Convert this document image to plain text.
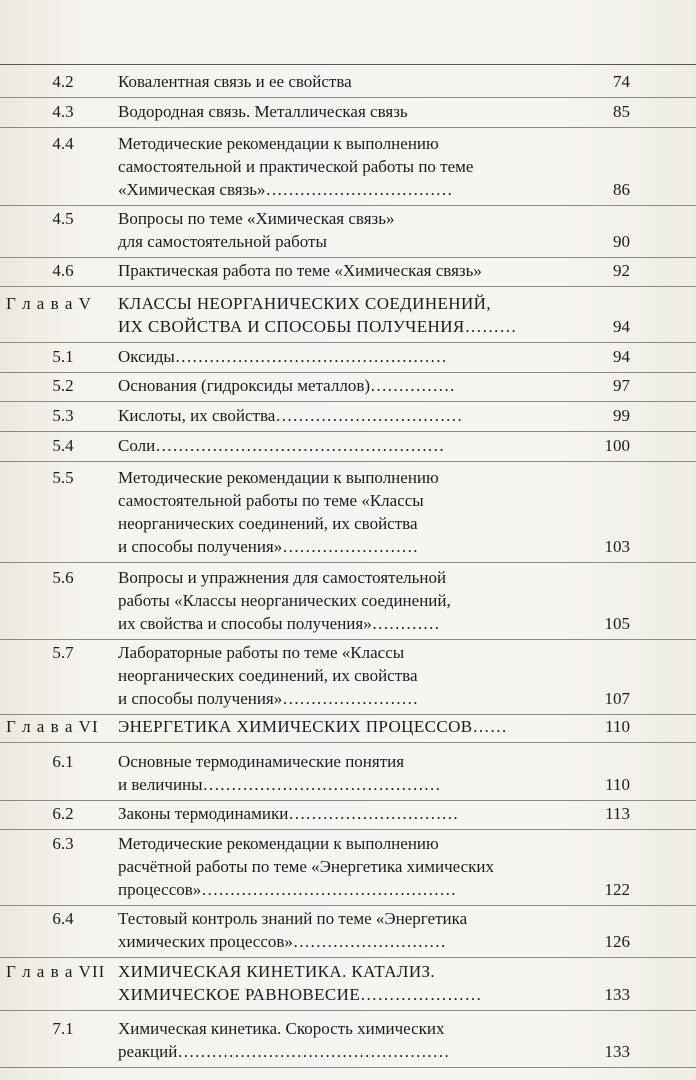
4.2	Ковалентная связь и ее свойства	74
4.3	Водородная связь. Металлическая связь	85
4.4	Методические рекомендации к выполнению
самостоятельной и практической работы по теме
«Химическая связь»……………………………	86
4.5	Вопросы по теме «Химическая связь»
для самостоятельной работы	90
4.6	Практическая работа по теме «Химическая связь»	92
Г л а в а V	КЛАССЫ НЕОРГАНИЧЕСКИХ СОЕДИНЕНИЙ,
ИХ СВОЙСТВА И СПОСОБЫ ПОЛУЧЕНИЯ………	94
5.1	Оксиды…………………………………………	94
5.2	Основания (гидроксиды металлов)……………	97
5.3	Кислоты, их свойства……………………………	99
5.4	Соли……………………………………………	100
5.5	Методические рекомендации к выполнению
самостоятельной работы по теме «Классы
неорганических соединений, их свойства
и способы получения»……………………	103
5.6	Вопросы и упражнения для самостоятельной
работы «Классы неорганических соединений,
их свойства и способы получения»…………	105
5.7	Лабораторные работы по теме «Классы
неорганических соединений, их свойства
и способы получения»……………………	107
Г л а в а VI	ЭНЕРГЕТИКА ХИМИЧЕСКИХ ПРОЦЕССОВ……	110
6.1	Основные термодинамические понятия
и величины……………………………………	110
6.2	Законы термодинамики…………………………	113
6.3	Методические рекомендации к выполнению
расчётной работы по теме «Энергетика химических
процессов»………………………………………	122
6.4	Тестовый контроль знаний по теме «Энергетика
химических процессов»………………………	126
Г л а в а VII ХИМИЧЕСКАЯ КИНЕТИКА. КАТАЛИЗ.
ХИМИЧЕСКОЕ РАВНОВЕСИЕ…………………	133
7.1	Химическая кинетика. Скорость химических
реакций…………………………………………	133
